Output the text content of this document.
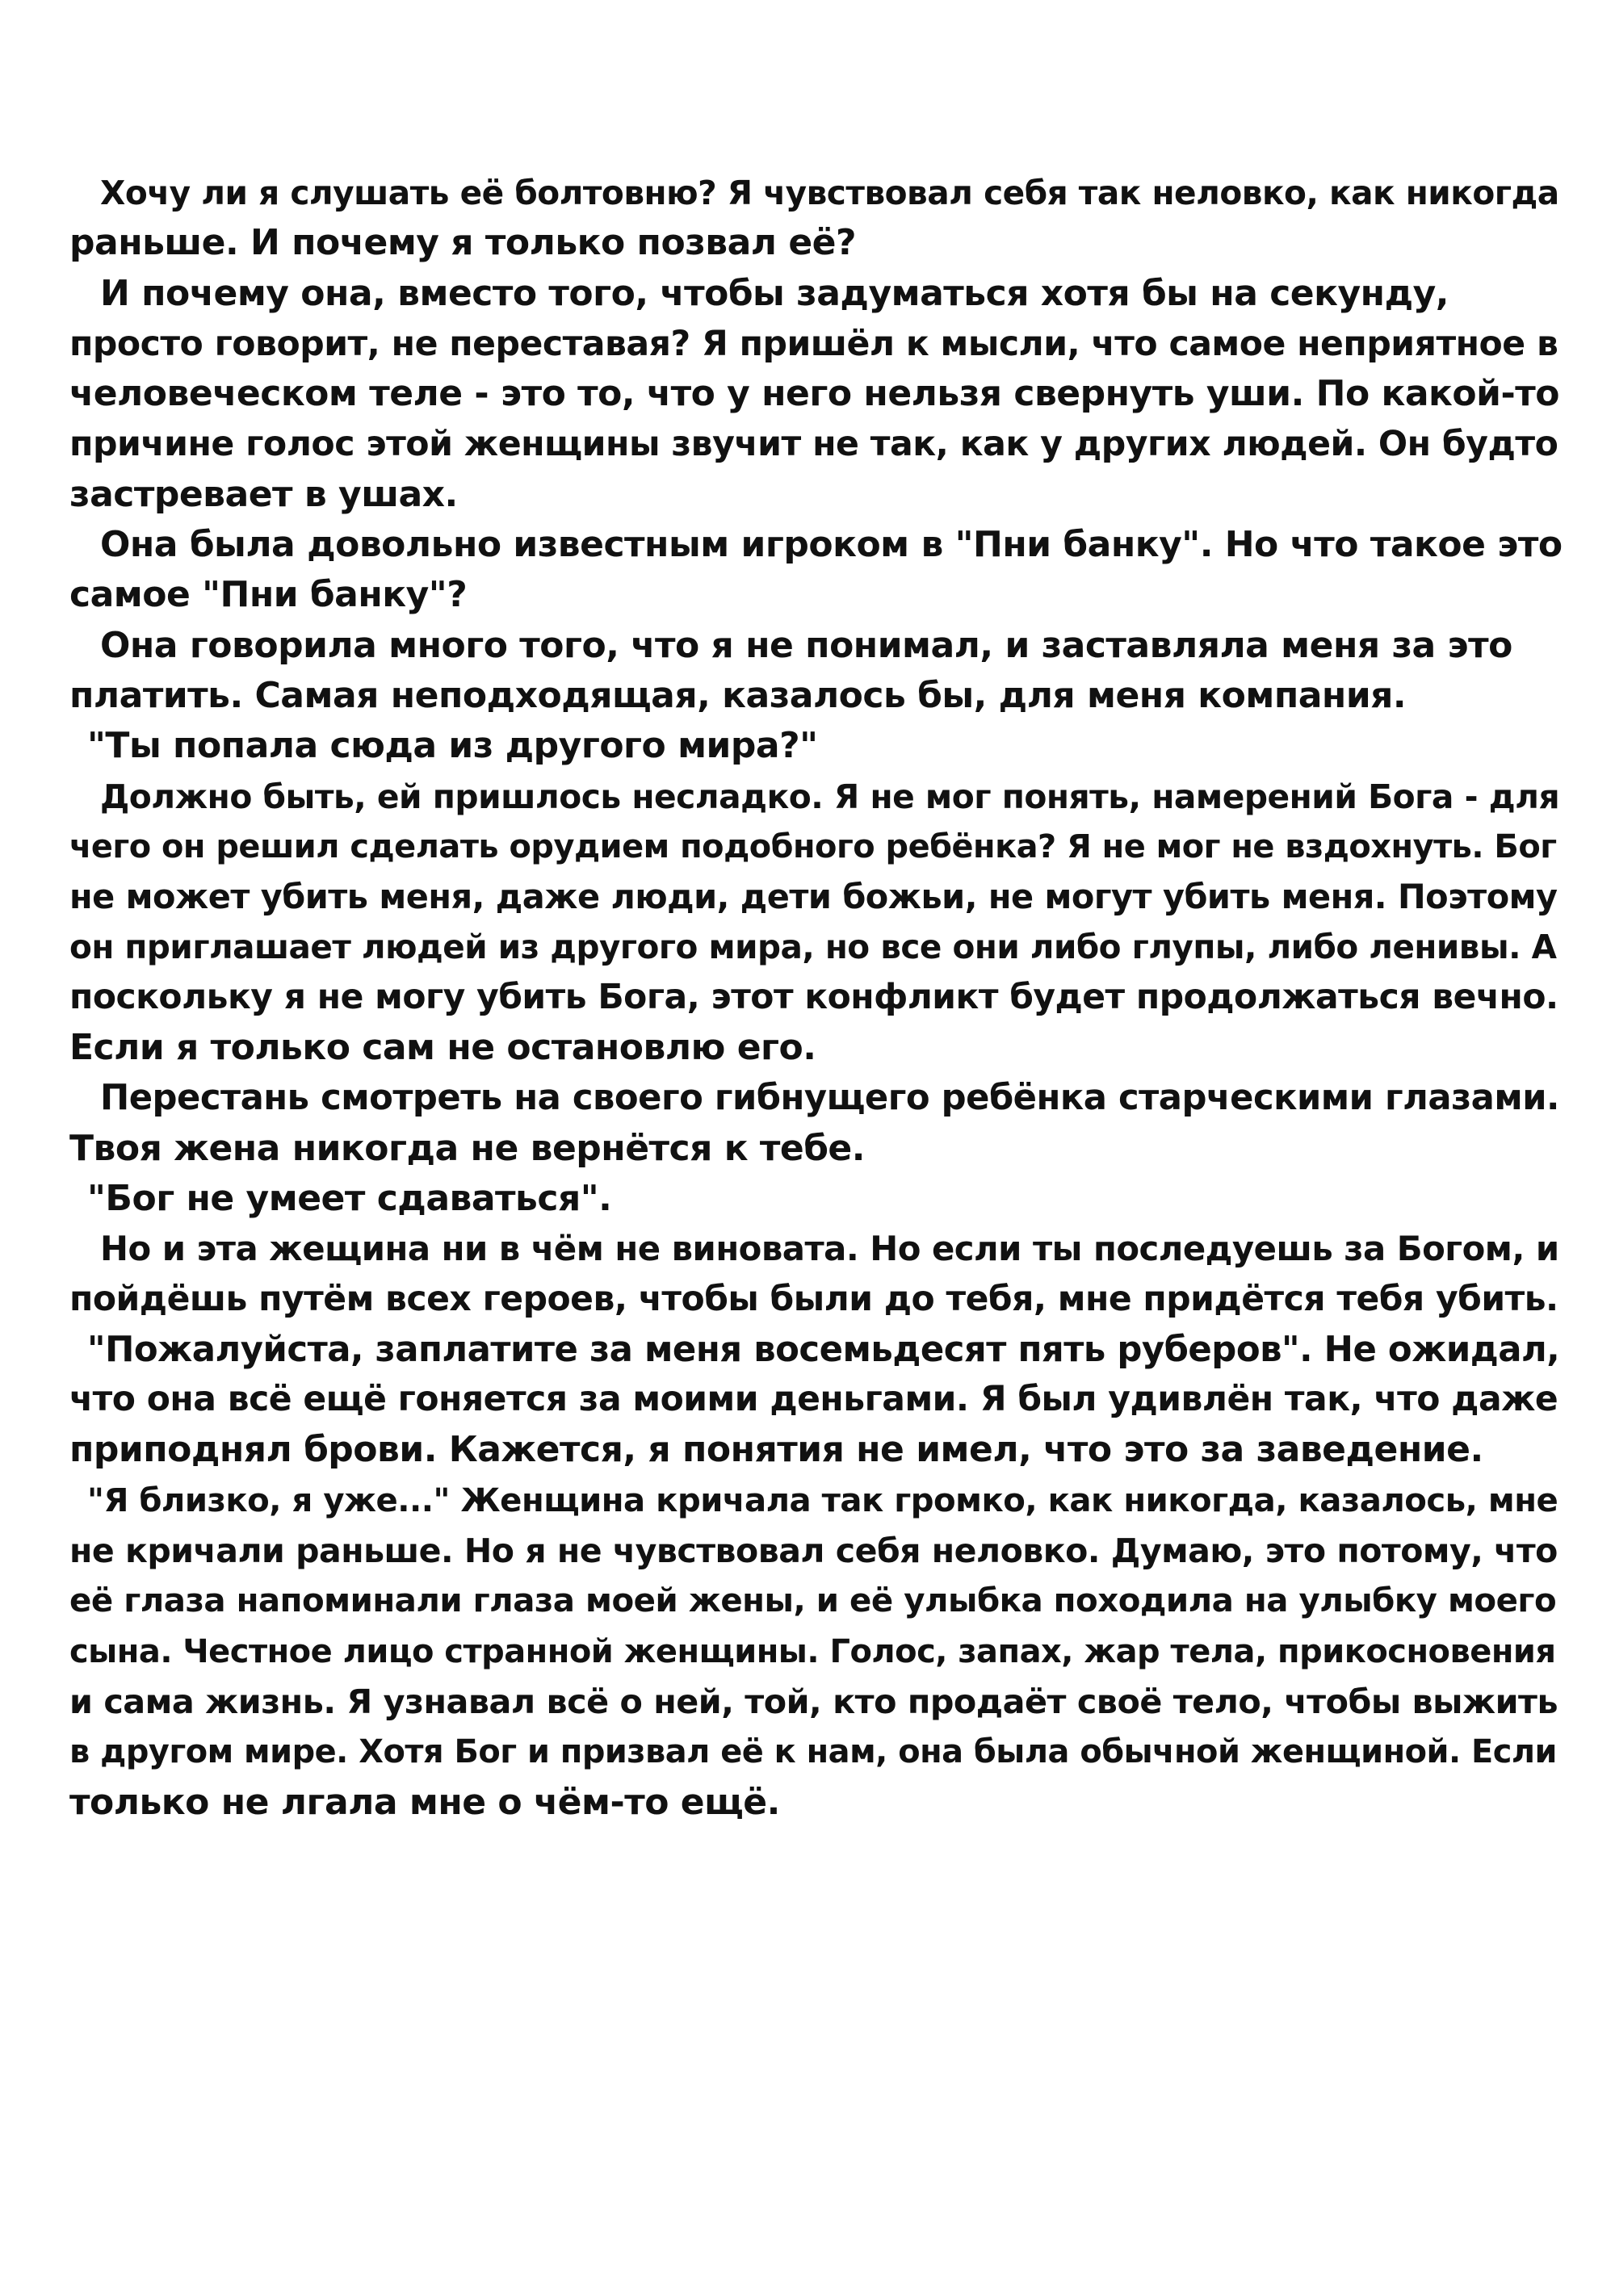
Хочу ли я слушать её болтовню? Я чувствовал себя так неловко, как никогда
раньше. И почему я только позвал её?
И почему она, вместо того, чтобы задуматься хотя бы на секунду,
просто говорит, не переставая? Я пришёл к мысли, что самое неприятное в
человеческом теле - это то, что у него нельзя свернуть уши. По какой-то
причине голос этой женщины звучит не так, как у других людей. Он будто
застревает в ушах.
Она была довольно известным игроком в "Пни банку". Но что такое это
самое "Пни банку"?
Она говорила много того, что я не понимал, и заставляла меня за это
платить. Самая неподходящая, казалось бы, для меня компания.
"Ты попала сюда из другого мира?"
Должно быть, ей пришлось несладко. Я не мог понять, намерений Бога - для
чего он решил сделать орудием подобного ребёнка? Я не мог не вздохнуть. Бог
не может убить меня, даже люди, дети божьи, не могут убить меня. Поэтому
он приглашает людей из другого мира, но все они либо глупы, либо ленивы. А
поскольку я не могу убить Бога, этот конфликт будет продолжаться вечно.
Если я только сам не остановлю его.
Перестань смотреть на своего гибнущего ребёнка старческими глазами.
Твоя жена никогда не вернётся к тебе.
"Бог не умеет сдаваться".
Но и эта жещина ни в чём не виновата. Но если ты последуешь за Богом, и
пойдёшь путём всех героев, чтобы были до тебя, мне придётся тебя убить.
"Пожалуйста, заплатите за меня восемьдесят пять руберов". Не ожидал,
что она всё ещё гоняется за моими деньгами. Я был удивлён так, что даже
приподнял брови. Кажется, я понятия не имел, что это за заведение.
"Я близко, я уже..." Женщина кричала так громко, как никогда, казалось, мне
не кричали раньше. Но я не чувствовал себя неловко. Думаю, это потому, что
её глаза напоминали глаза моей жены, и её улыбка походила на улыбку моего
сына. Честное лицо странной женщины. Голос, запах, жар тела, прикосновения
и сама жизнь. Я узнавал всё о ней, той, кто продаёт своё тело, чтобы выжить
в другом мире. Хотя Бог и призвал её к нам, она была обычной женщиной. Если
только не лгала мне о чём-то ещё.
